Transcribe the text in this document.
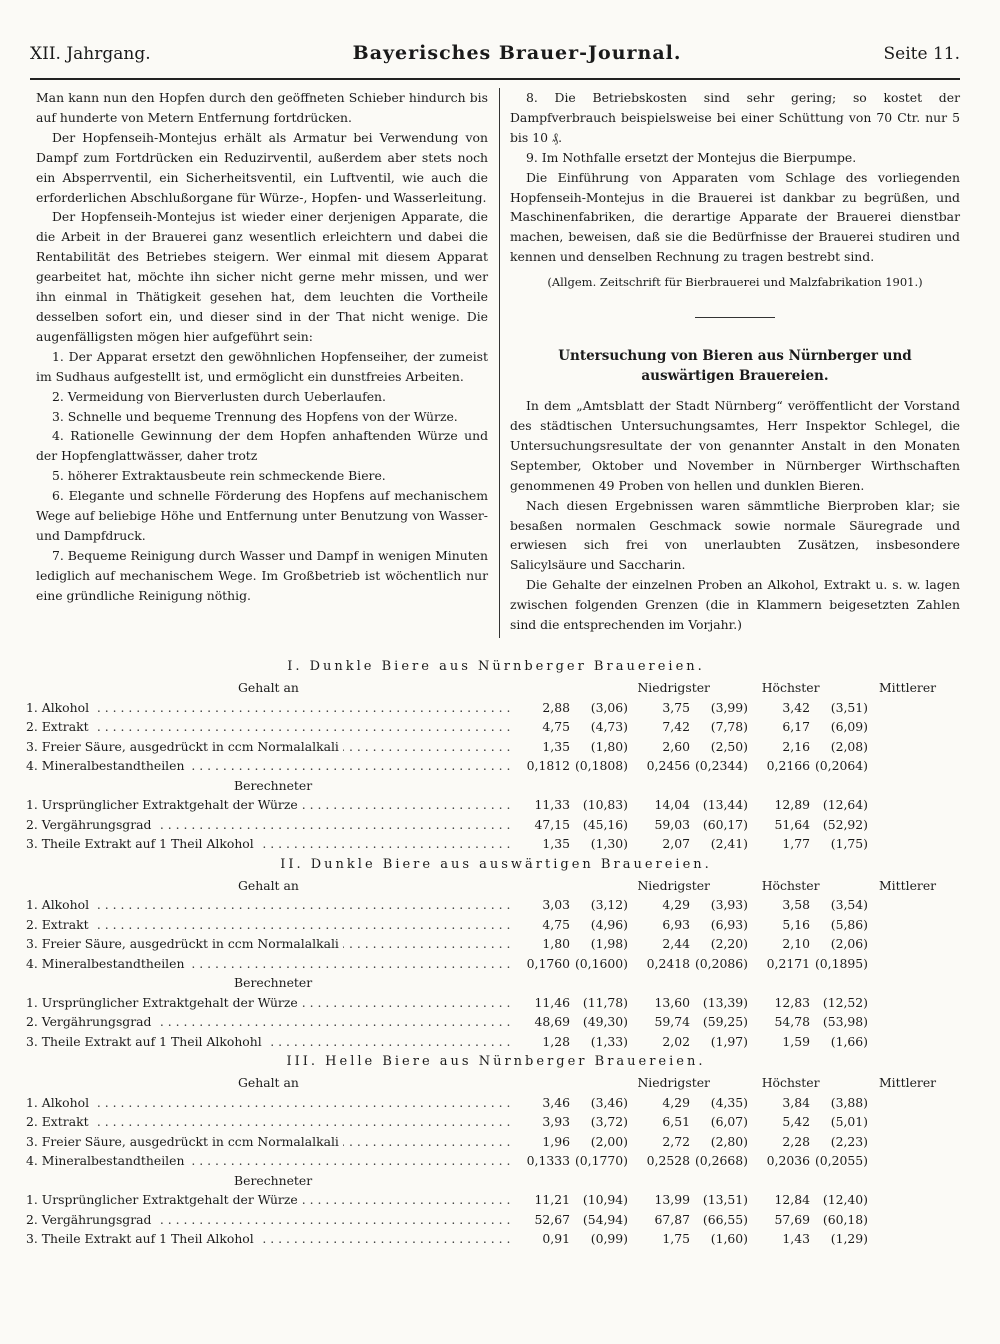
XII. Jahrgang.	Bayerisches Brauer-Journal.	Seite 11.

Man kann nun den Hopfen durch den geöffneten Schieber hindurch bis auf hunderte von Metern Entfernung fortdrücken.

Der Hopfenseih-Montejus erhält als Armatur bei Verwendung von Dampf zum Fortdrücken ein Reduzirventil, außerdem aber stets noch ein Absperrventil, ein Sicherheitsventil, ein Luftventil, wie auch die erforderlichen Abschlußorgane für Würze-, Hopfen- und Wasserleitung.

Der Hopfenseih-Montejus ist wieder einer derjenigen Apparate, die die Arbeit in der Brauerei ganz wesentlich erleichtern und dabei die Rentabilität des Betriebes steigern. Wer einmal mit diesem Apparat gearbeitet hat, möchte ihn sicher nicht gerne mehr missen, und wer ihn einmal in Thätigkeit gesehen hat, dem leuchten die Vortheile desselben sofort ein, und dieser sind in der That nicht wenige. Die augenfälligsten mögen hier aufgeführt sein:

1. Der Apparat ersetzt den gewöhnlichen Hopfenseiher, der zumeist im Sudhaus aufgestellt ist, und ermöglicht ein dunstfreies Arbeiten.

2. Vermeidung von Bierverlusten durch Ueberlaufen.

3. Schnelle und bequeme Trennung des Hopfens von der Würze.

4. Rationelle Gewinnung der dem Hopfen anhaftenden Würze und der Hopfenglattwässer, daher trotz

5. höherer Extraktausbeute rein schmeckende Biere.

6. Elegante und schnelle Förderung des Hopfens auf mechanischem Wege auf beliebige Höhe und Entfernung unter Benutzung von Wasser- und Dampfdruck.

7. Bequeme Reinigung durch Wasser und Dampf in wenigen Minuten lediglich auf mechanischem Wege. Im Großbetrieb ist wöchentlich nur eine gründliche Reinigung nöthig.

8. Die Betriebskosten sind sehr gering; so kostet der Dampfverbrauch beispielsweise bei einer Schüttung von 70 Ctr. nur 5 bis 10 ₰.

9. Im Nothfalle ersetzt der Montejus die Bierpumpe.

Die Einführung von Apparaten vom Schlage des vorliegenden Hopfenseih-Montejus in die Brauerei ist dankbar zu begrüßen, und Maschinenfabriken, die derartige Apparate der Brauerei dienstbar machen, beweisen, daß sie die Bedürfnisse der Brauerei studiren und kennen und denselben Rechnung zu tragen bestrebt sind.

(Allgem. Zeitschrift für Bierbrauerei und Malzfabrikation 1901.)

Untersuchung von Bieren aus Nürnberger und auswärtigen Brauereien.

In dem „Amtsblatt der Stadt Nürnberg“ veröffentlicht der Vorstand des städtischen Untersuchungsamtes, Herr Inspektor Schlegel, die Untersuchungsresultate der von genannter Anstalt in den Monaten September, Oktober und November in Nürnberger Wirthschaften genommenen 49 Proben von hellen und dunklen Bieren.

Nach diesen Ergebnissen waren sämmtliche Bierproben klar; sie besaßen normalen Geschmack sowie normale Säuregrade und erwiesen sich frei von unerlaubten Zusätzen, insbesondere Salicylsäure und Saccharin.

Die Gehalte der einzelnen Proben an Alkohol, Extrakt u. s. w. lagen zwischen folgenden Grenzen (die in Klammern beigesetzten Zahlen sind die entsprechenden im Vorjahr.)

I. Dunkle Biere aus Nürnberger Brauereien.
Gehalt an	Niedrigster	Höchster	Mittlerer
1. Alkohol . . .	2,88	(3,06)	3,75	(3,99)	3,42	(3,51)
2. Extrakt . . .	4,75	(4,73)	7,42	(7,78)	6,17	(6,09)
3. Freier Säure, ausgedrückt in ccm Normalalkali . . .	1,35	(1,80)	2,60	(2,50)	2,16	(2,08)
4. Mineralbestandtheilen . . .	0,1812 (0,1808)	0,2456 (0,2344)	0,2166 (0,2064)
Berechneter
1. Ursprünglicher Extraktgehalt der Würze . . .	11,33	(10,83)	14,04	(13,44)	12,89	(12,64)
2. Vergährungsgrad . . .	47,15	(45,16)	59,03	(60,17)	51,64	(52,92)
3. Theile Extrakt auf 1 Theil Alkohol . . .	1,35	(1,30)	2,07	(2,41)	1,77	(1,75)
II. Dunkle Biere aus auswärtigen Brauereien.
Gehalt an	Niedrigster	Höchster	Mittlerer
1. Alkohol . . .	3,03	(3,12)	4,29	(3,93)	3,58	(3,54)
2. Extrakt . . .	4,75	(4,96)	6,93	(6,93)	5,16	(5,86)
3. Freier Säure, ausgedrückt in ccm Normalalkali . . .	1,80	(1,98)	2,44	(2,20)	2,10	(2,06)
4. Mineralbestandtheilen . . .	0,1760 (0,1600)	0,2418 (0,2086)	0,2171 (0,1895)
Berechneter
1. Ursprünglicher Extraktgehalt der Würze . . .	11,46	(11,78)	13,60	(13,39)	12,83	(12,52)
2. Vergährungsgrad . . .	48,69	(49,30)	59,74	(59,25)	54,78	(53,98)
3. Theile Extrakt auf 1 Theil Alkohohl . . .	1,28	(1,33)	2,02	(1,97)	1,59	(1,66)
III. Helle Biere aus Nürnberger Brauereien.
Gehalt an	Niedrigster	Höchster	Mittlerer
1. Alkohol . . .	3,46	(3,46)	4,29	(4,35)	3,84	(3,88)
2. Extrakt . . .	3,93	(3,72)	6,51	(6,07)	5,42	(5,01)
3. Freier Säure, ausgedrückt in ccm Normalalkali . . .	1,96	(2,00)	2,72	(2,80)	2,28	(2,23)
4. Mineralbestandtheilen . . .	0,1333 (0,1770)	0,2528 (0,2668)	0,2036 (0,2055)
Berechneter
1. Ursprünglicher Extraktgehalt der Würze . . .	11,21	(10,94)	13,99	(13,51)	12,84	(12,40)
2. Vergährungsgrad . . .	52,67	(54,94)	67,87	(66,55)	57,69	(60,18)
3. Theile Extrakt auf 1 Theil Alkohol . . .	0,91	(0,99)	1,75	(1,60)	1,43	(1,29)
